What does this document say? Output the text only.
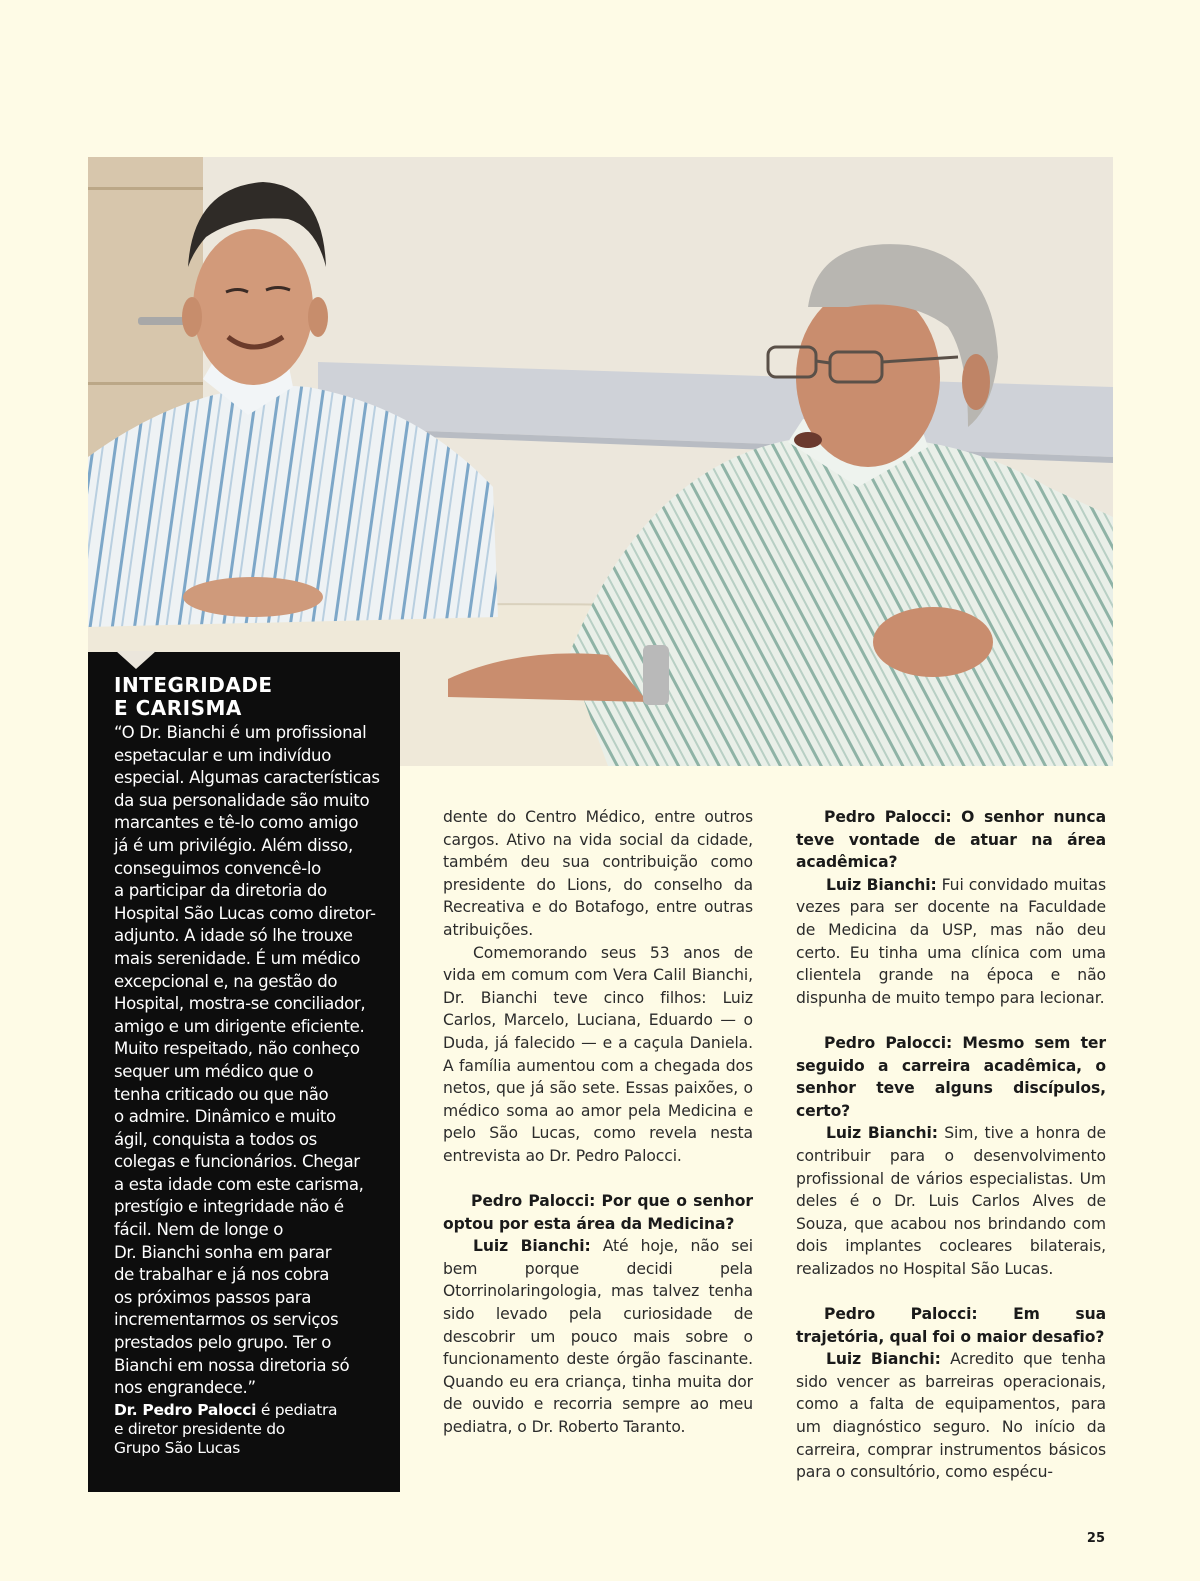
INTEGRIDADE
E CARISMA
“O Dr. Bianchi é um profissional
espetacular e um indivíduo
especial. Algumas características
da sua personalidade são muito
marcantes e tê-lo como amigo
já é um privilégio. Além disso,
conseguimos convencê-lo
a participar da diretoria do
Hospital São Lucas como diretor-
adjunto. A idade só lhe trouxe
mais serenidade. É um médico
excepcional e, na gestão do
Hospital, mostra-se conciliador,
amigo e um dirigente eficiente.
Muito respeitado, não conheço
sequer um médico que o
tenha criticado ou que não
o admire. Dinâmico e muito
ágil, conquista a todos os
colegas e funcionários. Chegar
a esta idade com este carisma,
prestígio e integridade não é
fácil. Nem de longe o
Dr. Bianchi sonha em parar
de trabalhar e já nos cobra
os próximos passos para
incrementarmos os serviços
prestados pelo grupo. Ter o
Bianchi em nossa diretoria só
nos engrandece.”
Dr. Pedro Palocci é pediatra
e diretor presidente do
Grupo São Lucas

dente do Centro Médico, entre outros cargos. Ativo na vida social da cidade, também deu sua contribuição como presidente do Lions, do conselho da Recreativa e do Botafogo, entre outras atribuições.

Comemorando seus 53 anos de vida em comum com Vera Calil Bianchi, Dr. Bianchi teve cinco filhos: Luiz Carlos, Marcelo, Luciana, Eduardo — o Duda, já falecido — e a caçula Daniela. A família aumentou com a chegada dos netos, que já são sete. Essas paixões, o médico soma ao amor pela Medicina e pelo São Lucas, como revela nesta entrevista ao Dr. Pedro Palocci.

Pedro Palocci: Por que o senhor optou por esta área da Medicina?

Luiz Bianchi: Até hoje, não sei bem porque decidi pela Otorrinolaringologia, mas talvez tenha sido levado pela curiosidade de descobrir um pouco mais sobre o funcionamento deste órgão fascinante. Quando eu era criança, tinha muita dor de ouvido e recorria sempre ao meu pediatra, o Dr. Roberto Taranto.

Pedro Palocci: O senhor nunca teve vontade de atuar na área acadêmica?

Luiz Bianchi: Fui convidado muitas vezes para ser docente na Faculdade de Medicina da USP, mas não deu certo. Eu tinha uma clínica com uma clientela grande na época e não dispunha de muito tempo para lecionar.

Pedro Palocci: Mesmo sem ter seguido a carreira acadêmica, o senhor teve alguns discípulos, certo?

Luiz Bianchi: Sim, tive a honra de contribuir para o desenvolvimento profissional de vários especialistas. Um deles é o Dr. Luis Carlos Alves de Souza, que acabou nos brindando com dois implantes cocleares bilaterais, realizados no Hospital São Lucas.

Pedro Palocci: Em sua trajetória, qual foi o maior desafio?

Luiz Bianchi: Acredito que tenha sido vencer as barreiras operacionais, como a falta de equipamentos, para um diagnóstico seguro. No início da carreira, comprar instrumentos básicos para o consultório, como espécu-

25
